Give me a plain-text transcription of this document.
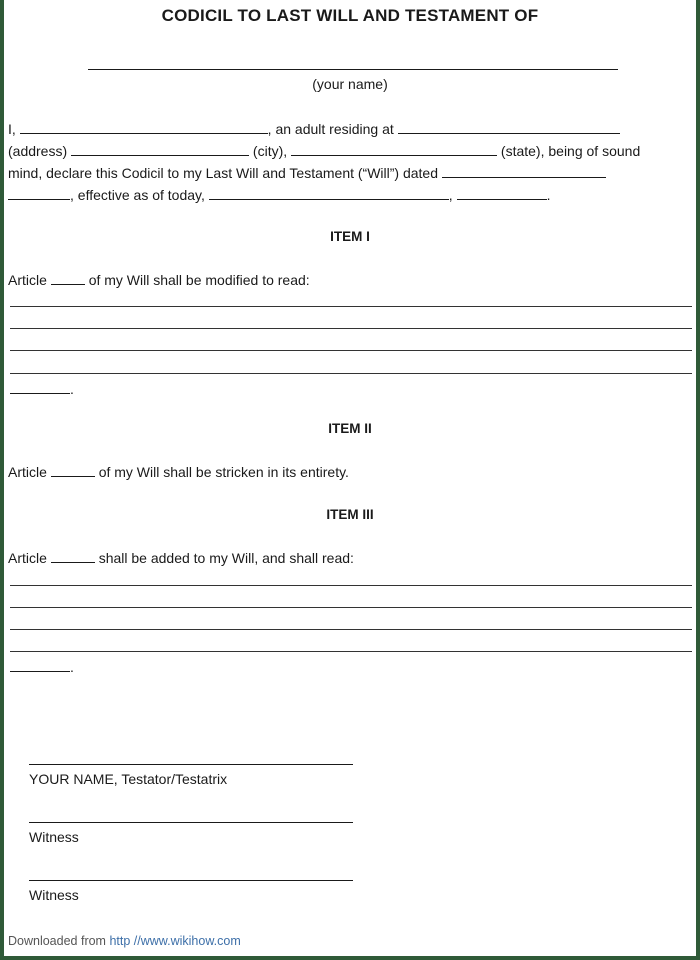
CODICIL TO LAST WILL AND TESTAMENT OF
(your name)
I,	, an adult residing at
(address)	(city),	(state), being of sound
mind, declare this Codicil to my Last Will and Testament (“Will”) dated
, effective as of today,	,	.
ITEM I
Article	of my Will shall be modified to read:
.
ITEM II
Article	of my Will shall be stricken in its entirety.
ITEM III
Article	shall be added to my Will, and shall read:
.
YOUR NAME, Testator/Testatrix
Witness
Witness
Downloaded from http //www.wikihow.com
